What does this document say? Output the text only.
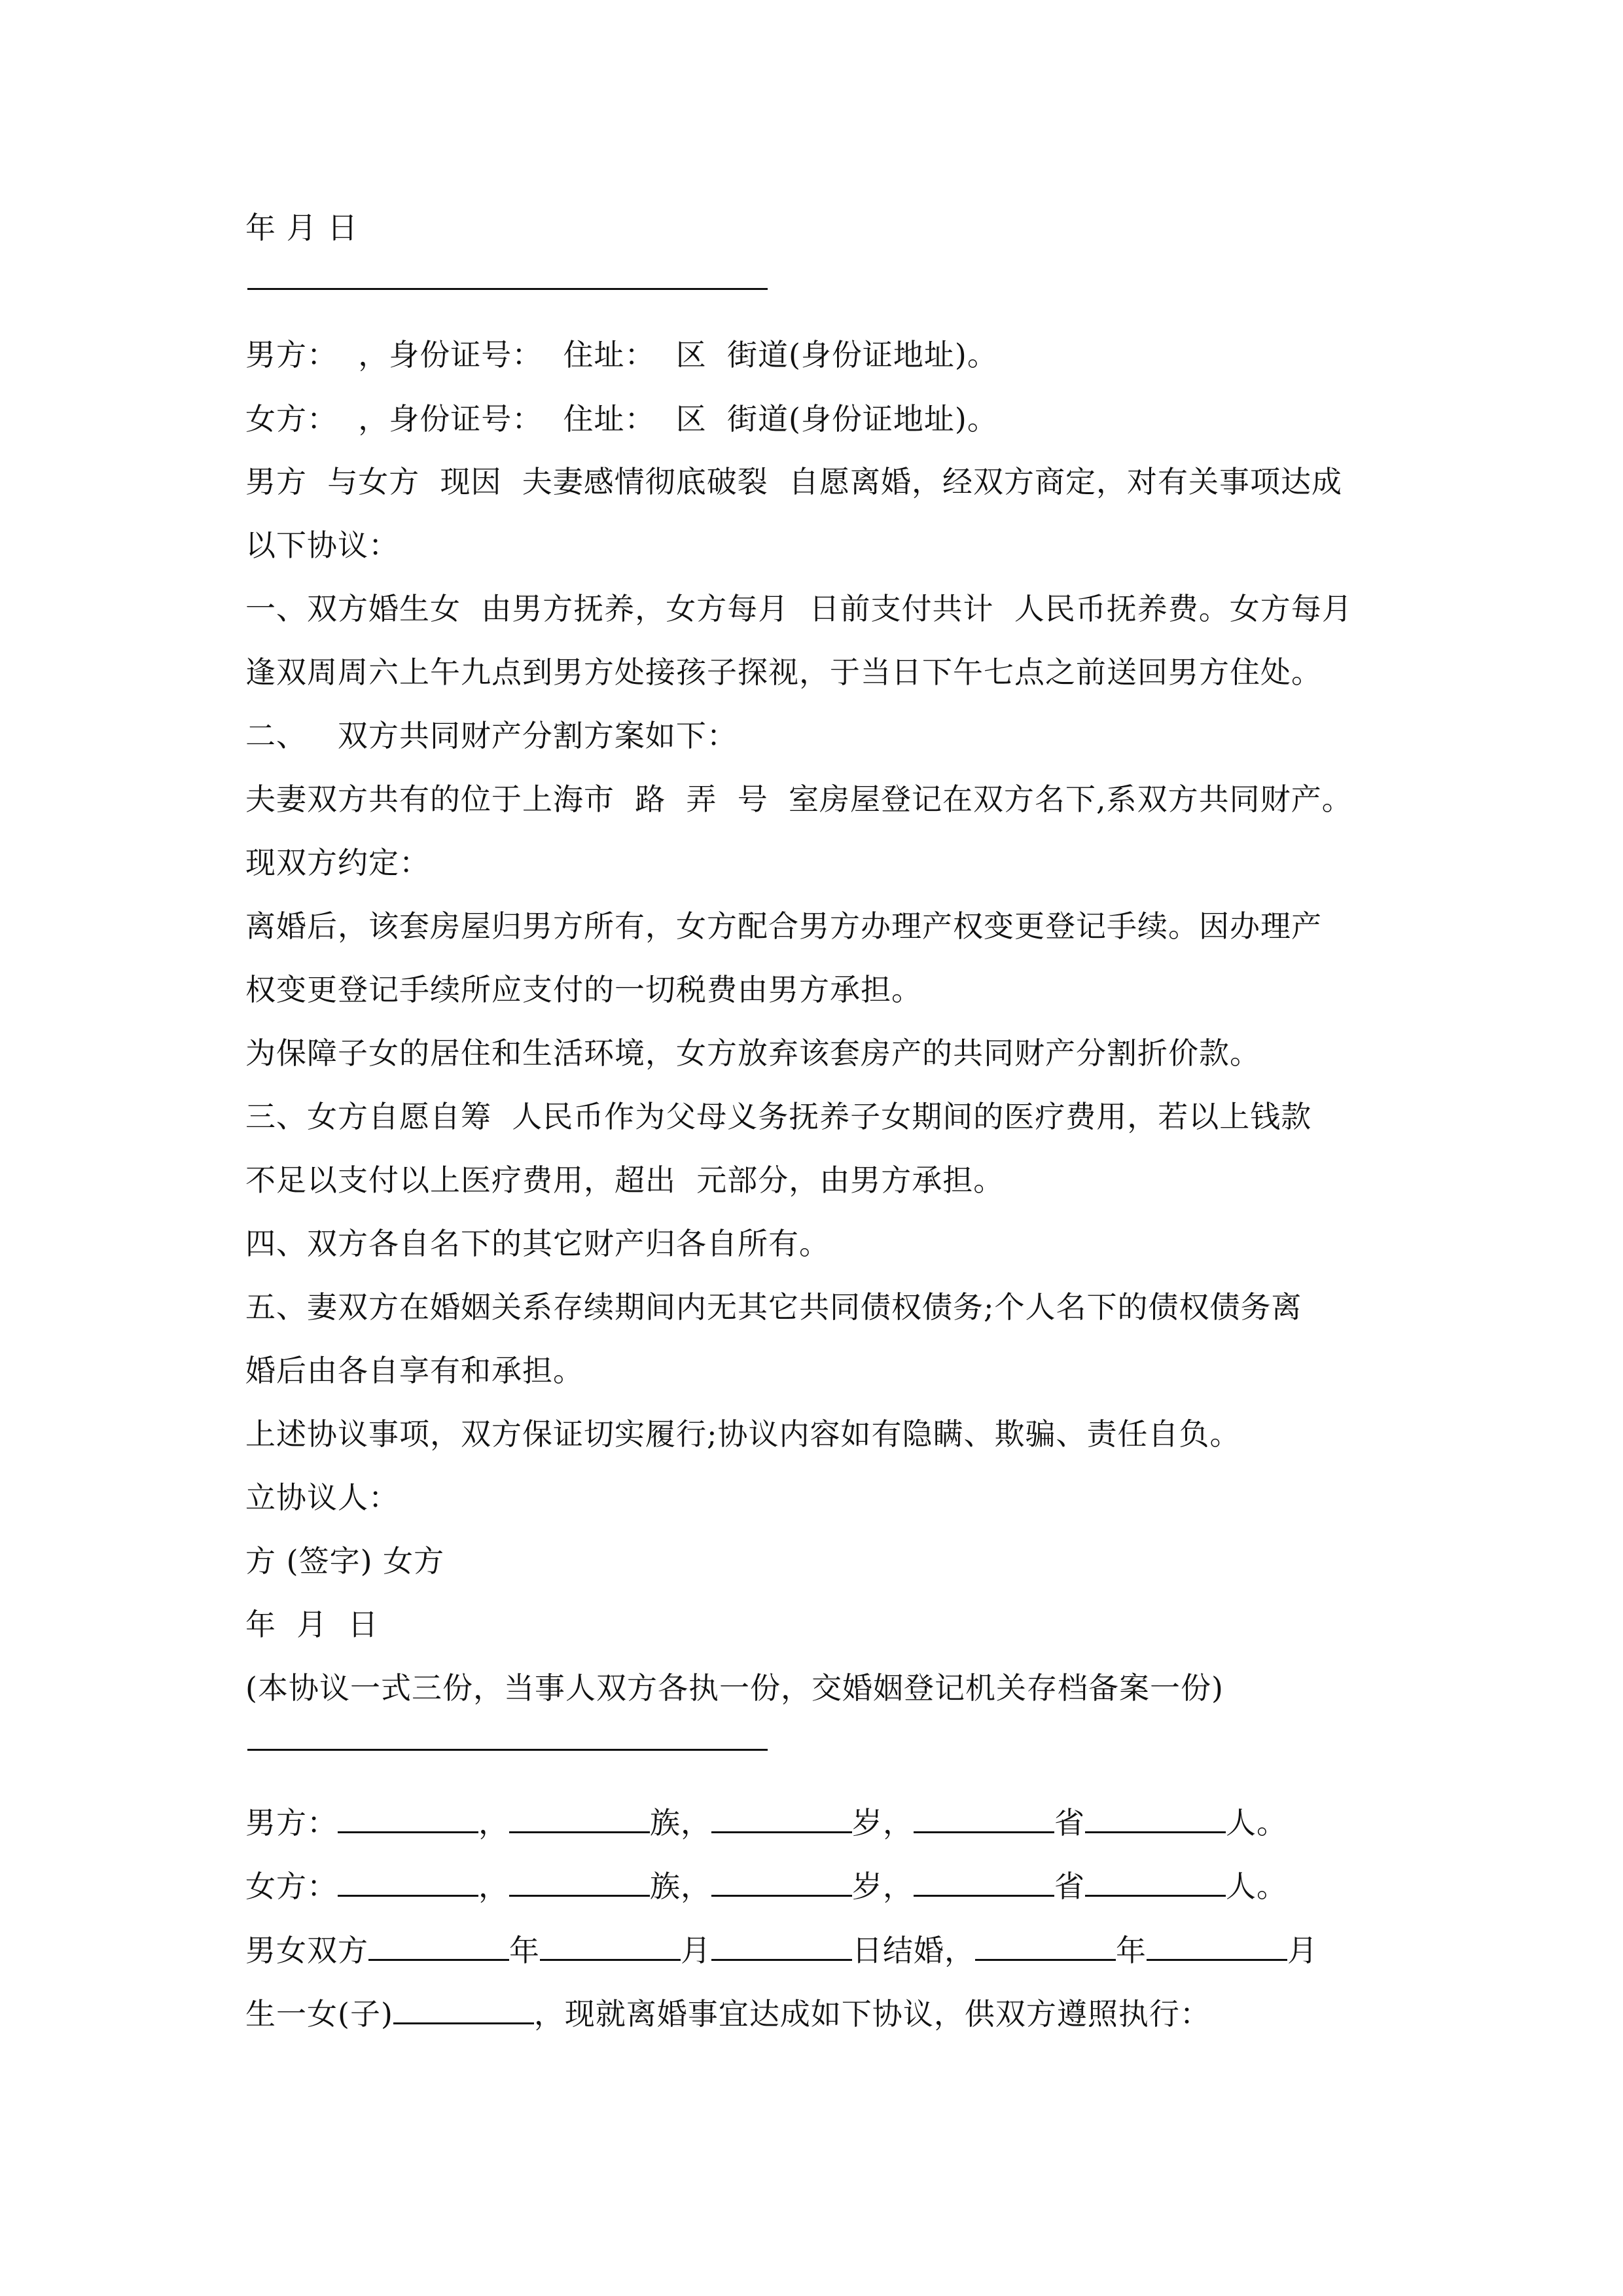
年 月 日
男方：  ，身份证号：  住址：  区  街道(身份证地址)。
女方：  ，身份证号：  住址：  区  街道(身份证地址)。
男方  与女方  现因  夫妻感情彻底破裂  自愿离婚，经双方商定，对有关事项达成
以下协议：
一、双方婚生女  由男方抚养，女方每月  日前支付共计  人民币抚养费。女方每月
逢双周周六上午九点到男方处接孩子探视，于当日下午七点之前送回男方住处。
二、   双方共同财产分割方案如下：
夫妻双方共有的位于上海市  路  弄  号  室房屋登记在双方名下,系双方共同财产。
现双方约定：
离婚后，该套房屋归男方所有，女方配合男方办理产权变更登记手续。因办理产
权变更登记手续所应支付的一切税费由男方承担。
为保障子女的居住和生活环境，女方放弃该套房产的共同财产分割折价款。
三、女方自愿自筹  人民币作为父母义务抚养子女期间的医疗费用，若以上钱款
不足以支付以上医疗费用，超出  元部分，由男方承担。
四、双方各自名下的其它财产归各自所有。
五、妻双方在婚姻关系存续期间内无其它共同债权债务;个人名下的债权债务离
婚后由各自享有和承担。
上述协议事项，双方保证切实履行;协议内容如有隐瞒、欺骗、责任自负。
立协议人：
方 (签字) 女方
年  月  日
(本协议一式三份，当事人双方各执一份，交婚姻登记机关存档备案一份)
男方：	，	族，	岁，	省	人。
女方：	，	族，	岁，	省	人。
男女双方	年	月	日结婚，	年	月
生一女(子)	，现就离婚事宜达成如下协议，供双方遵照执行：
